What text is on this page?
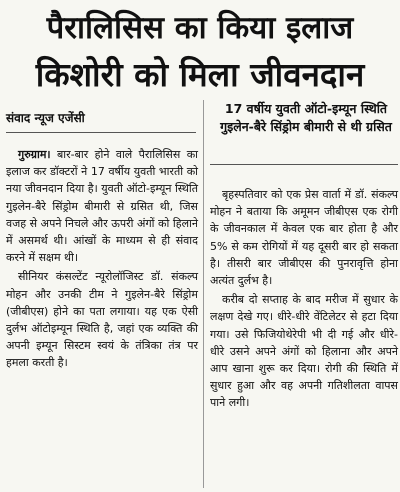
पैरालिसिस का किया इलाज
किशोरी को मिला जीवनदान
संवाद न्यूज एजेंसी
17 वर्षीय युवती ऑटो-इम्यून स्थिति गुइलेन-बैरे सिंड्रोम बीमारी से थी ग्रसित

गुरुग्राम। बार-बार होने वाले पैरालिसिस का इलाज कर डॉक्टरों ने 17 वर्षीय युवती भारती को नया जीवनदान दिया है। युवती ऑटो-इम्यून स्थिति गुइलेन-बैरे सिंड्रोम बीमारी से ग्रसित थी, जिस वजह से अपने निचले और ऊपरी अंगों को हिलाने में असमर्थ थी। आंखों के माध्यम से ही संवाद करने में सक्षम थी।

सीनियर कंसल्टेंट न्यूरोलॉजिस्ट डॉ. संकल्प मोहन और उनकी टीम ने गुइलेन-बैरे सिंड्रोम (जीबीएस) होने का पता लगाया। यह एक ऐसी दुर्लभ ऑटोइम्यून स्थिति है, जहां एक व्यक्ति की अपनी इम्यून सिस्टम स्वयं के तंत्रिका तंत्र पर हमला करती है।

बृहस्पतिवार को एक प्रेस वार्ता में डॉ. संकल्प मोहन ने बताया कि अमूमन जीबीएस एक रोगी के जीवनकाल में केवल एक बार होता है और 5% से कम रोगियों में यह दूसरी बार हो सकता है। तीसरी बार जीबीएस की पुनरावृत्ति होना अत्यंत दुर्लभ है।

करीब दो सप्ताह के बाद मरीज में सुधार के लक्षण देखे गए। धीरे-धीरे वेंटिलेटर से हटा दिया गया। उसे फिजियोथेरेपी भी दी गई और धीरे-धीरे उसने अपने अंगों को हिलाना और अपने आप खाना शुरू कर दिया। रोगी की स्थिति में सुधार हुआ और वह अपनी गतिशीलता वापस पाने लगी।
